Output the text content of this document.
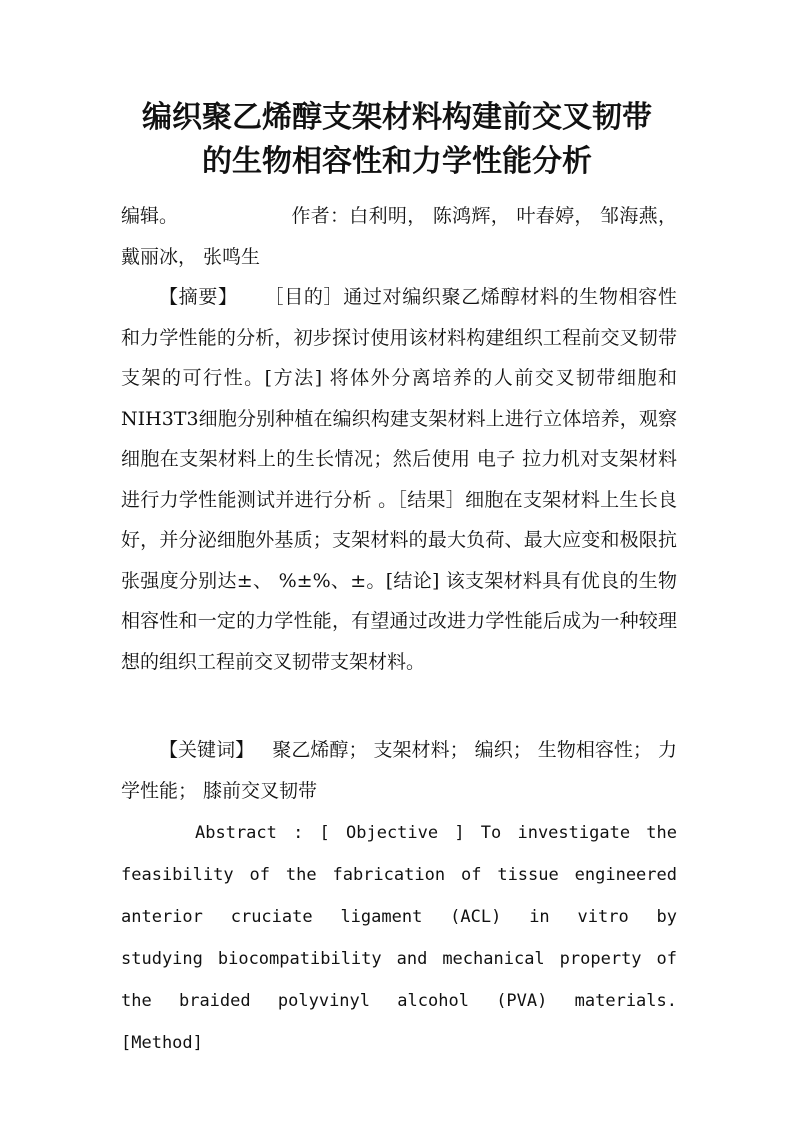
编织聚乙烯醇支架材料构建前交叉韧带
的生物相容性和力学性能分析

编辑。	作者：白利明， 陈鸿辉， 叶春婷， 邹海燕， 戴丽冰， 张鸣生

【摘要】 ［目的］通过对编织聚乙烯醇材料的生物相容性和力学性能的分析，初步探讨使用该材料构建组织工程前交叉韧带支架的可行性。[方法] 将体外分离培养的人前交叉韧带细胞和NIH3T3细胞分别种植在编织构建支架材料上进行立体培养，观察细胞在支架材料上的生长情况；然后使用 电子 拉力机对支架材料进行力学性能测试并进行分析 。［结果］细胞在支架材料上生长良好，并分泌细胞外基质；支架材料的最大负荷、最大应变和极限抗张强度分别达±、 %±%、±。[结论] 该支架材料具有优良的生物相容性和一定的力学性能，有望通过改进力学性能后成为一种较理想的组织工程前交叉韧带支架材料。

【关键词】 聚乙烯醇； 支架材料； 编织； 生物相容性； 力学性能； 膝前交叉韧带

Abstract : [ Objective ] To investigate the feasibility of the fabrication of tissue engineered anterior cruciate ligament (ACL) in vitro by studying biocompatibility and mechanical property of the braided polyvinyl alcohol (PVA) materials. [Method]
